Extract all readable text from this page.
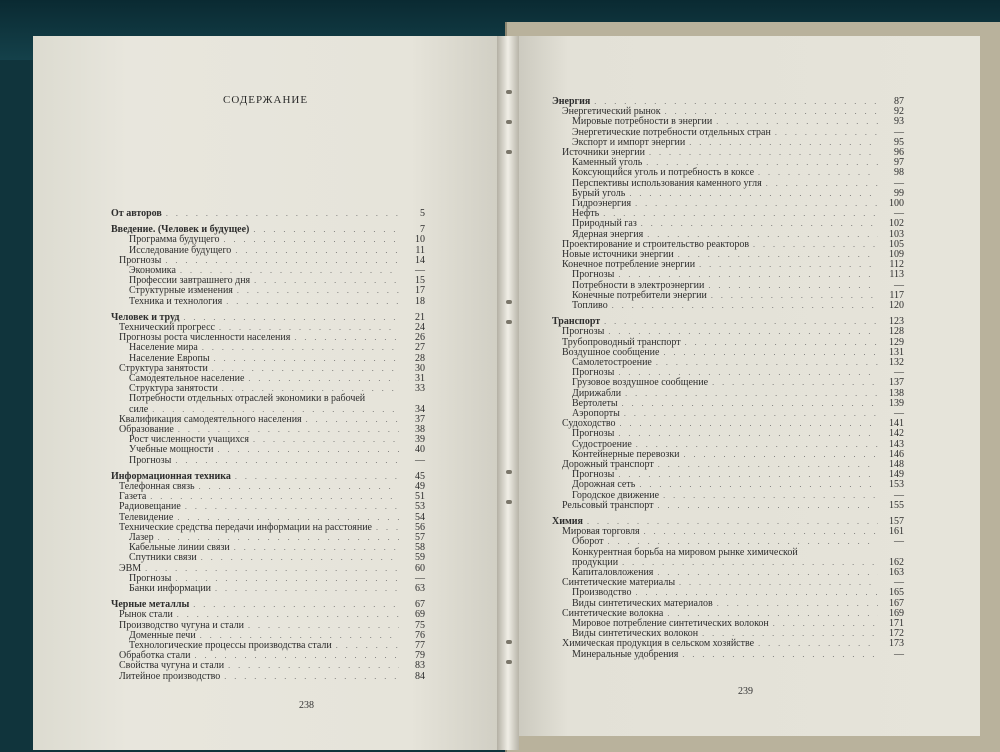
СОДЕРЖАНИЕ
От авторов . . .	5
Введение. (Человек и будущее) . . .	7
Программа будущего . . .	10
Исследование будущего . . .	11
Прогнозы . . .	14
Экономика . . .	—
Профессии завтрашнего дня . . .	15
Структурные изменения . . .	17
Техника и технология . . .	18
Человек и труд . . .	21
Технический прогресс . . .	24
Прогнозы роста численности населения . . .	26
Население мира . . .	27
Население Европы . . .	28
Структура занятости . . .	30
Самодеятельное население . . .	31
Структура занятости . . .	33
Потребности отдельных отраслей экономики в рабочей
силе . . .	34
Квалификация самодеятельного населения . . .	37
Образование . . .	38
Рост численности учащихся . . .	39
Учебные мощности . . .	40
Прогнозы . . .	—
Информационная техника . . .	45
Телефонная связь . . .	49
Газета . . .	51
Радиовещание . . .	53
Телевидение . . .	54
Технические средства передачи информации на расстояние . . .	56
Лазер . . .	57
Кабельные линии связи . . .	58
Спутники связи . . .	59
ЭВМ . . .	60
Прогнозы . . .	—
Банки информации . . .	63
Черные металлы . . .	67
Рынок стали . . .	69
Производство чугуна и стали . . .	75
Доменные печи . . .	76
Технологические процессы производства стали . . .	77
Обработка стали . . .	79
Свойства чугуна и стали . . .	83
Литейное производство . . .	84
238
Энергия . . .	87
Энергетический рынок . . .	92
Мировые потребности в энергии . . .	93
Энергетические потребности отдельных стран . . .	—
Экспорт и импорт энергии . . .	95
Источники энергии . . .	96
Каменный уголь . . .	97
Коксующийся уголь и потребность в коксе . . .	98
Перспективы использования каменного угля . . .	—
Бурый уголь . . .	99
Гидроэнергия . . .	100
Нефть . . .	—
Природный газ . . .	102
Ядерная энергия . . .	103
Проектирование и строительство реакторов . . .	105
Новые источники энергии . . .	109
Конечное потребление энергии . . .	112
Прогнозы . . .	113
Потребности в электроэнергии . . .	—
Конечные потребители энергии . . .	117
Топливо . . .	120
Транспорт . . .	123
Прогнозы . . .	128
Трубопроводный транспорт . . .	129
Воздушное сообщение . . .	131
Самолетостроение . . .	132
Прогнозы . . .	—
Грузовое воздушное сообщение . . .	137
Дирижабли . . .	138
Вертолеты . . .	139
Аэропорты . . .	—
Судоходство . . .	141
Прогнозы . . .	142
Судостроение . . .	143
Контейнерные перевозки . . .	146
Дорожный транспорт . . .	148
Прогнозы . . .	149
Дорожная сеть . . .	153
Городское движение . . .	—
Рельсовый транспорт . . .	155
Химия . . .	157
Мировая торговля . . .	161
Оборот . . .	—
Конкурентная борьба на мировом рынке химической
продукции . . .	162
Капиталовложения . . .	163
Синтетические материалы . . .	—
Производство . . .	165
Виды синтетических материалов . . .	167
Синтетические волокна . . .	169
Мировое потребление синтетических волокон . . .	171
Виды синтетических волокон . . .	172
Химическая продукция в сельском хозяйстве . . .	173
Минеральные удобрения . . .	—
239
